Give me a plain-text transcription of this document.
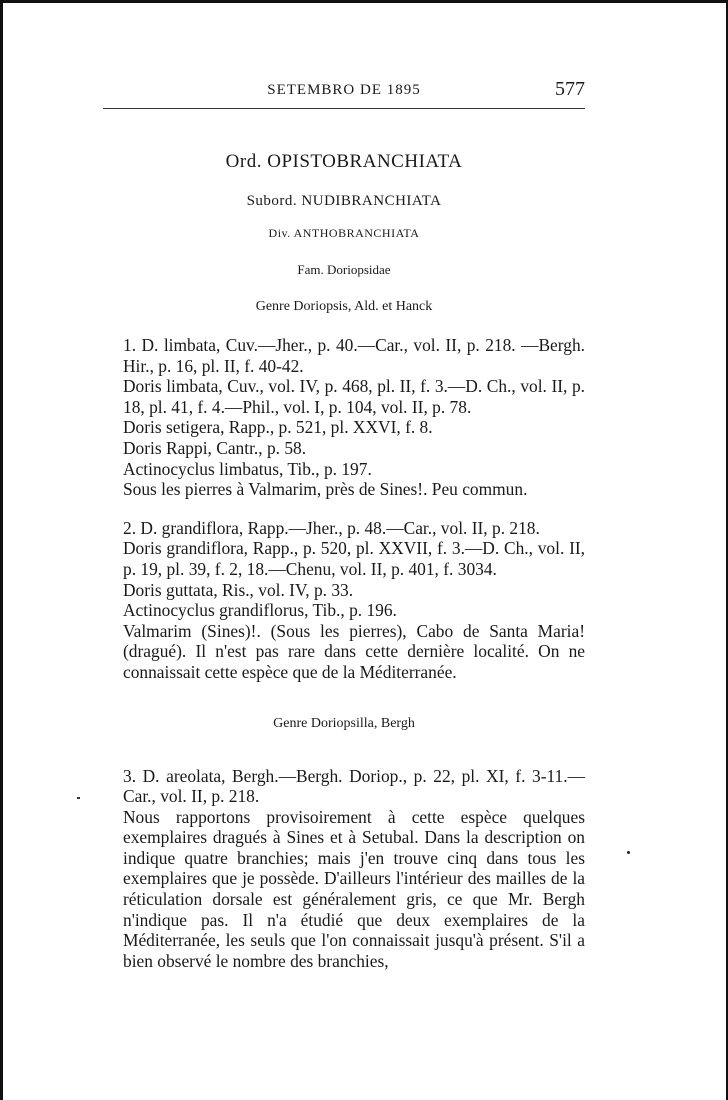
SETEMBRO DE 1895	577
Ord. OPISTOBRANCHIATA
Subord. NUDIBRANCHIATA
Div. ANTHOBRANCHIATA
Fam. Doriopsidae
Genre Doriopsis, Ald. et Hanck

1. D. limbata, Cuv.—Jher., p. 40.—Car., vol. II, p. 218. —Bergh. Hir., p. 16, pl. II, f. 40-42.

Doris limbata, Cuv., vol. IV, p. 468, pl. II, f. 3.—D. Ch., vol. II, p. 18, pl. 41, f. 4.—Phil., vol. I, p. 104, vol. II, p. 78.

Doris setigera, Rapp., p. 521, pl. XXVI, f. 8.

Doris Rappi, Cantr., p. 58.

Actinocyclus limbatus, Tib., p. 197.

Sous les pierres à Valmarim, près de Sines!. Peu commun.

2. D. grandiflora, Rapp.—Jher., p. 48.—Car., vol. II, p. 218.

Doris grandiflora, Rapp., p. 520, pl. XXVII, f. 3.—D. Ch., vol. II, p. 19, pl. 39, f. 2, 18.—Chenu, vol. II, p. 401, f. 3034.

Doris guttata, Ris., vol. IV, p. 33.

Actinocyclus grandiflorus, Tib., p. 196.

Valmarim (Sines)!. (Sous les pierres), Cabo de Santa Maria! (dragué). Il n'est pas rare dans cette dernière localité. On ne connaissait cette espèce que de la Méditerranée.

Genre Doriopsilla, Bergh

3. D. areolata, Bergh.—Bergh. Doriop., p. 22, pl. XI, f. 3-11.—Car., vol. II, p. 218.

Nous rapportons provisoirement à cette espèce quelques exemplaires dragués à Sines et à Setubal. Dans la description on indique quatre branchies; mais j'en trouve cinq dans tous les exemplaires que je possède. D'ailleurs l'intérieur des mailles de la réticulation dorsale est généralement gris, ce que Mr. Bergh n'indique pas. Il n'a étudié que deux exemplaires de la Méditerranée, les seuls que l'on connaissait jusqu'à présent. S'il a bien observé le nombre des branchies,
